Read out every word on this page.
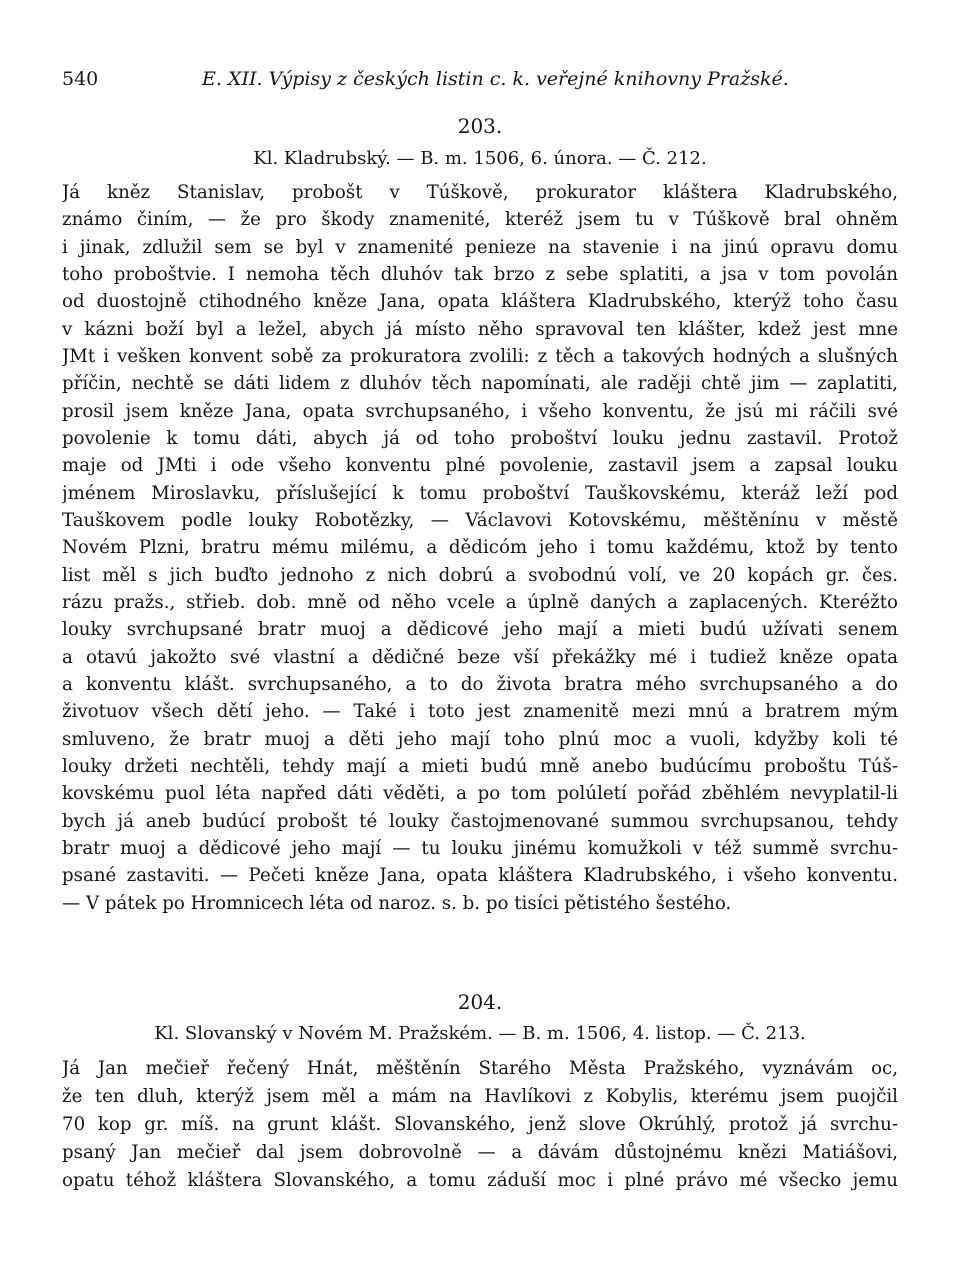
540	E. XII. Výpisy z českých listin c. k. veřejné knihovny Pražské.
203.
Kl. Kladrubský. — B. m. 1506, 6. února. — Č. 212.
Já kněz Stanislav, probošt v Túškově, prokurator kláštera Kladrubského,
známo činím, — že pro škody znamenité, kteréž jsem tu v Túškově bral ohněm
i jinak, zdlužil sem se byl v znamenité penieze na stavenie i na jinú opravu domu
toho proboštvie. I nemoha těch dluhóv tak brzo z sebe splatiti, a jsa v tom povolán
od duostojně ctihodného kněze Jana, opata kláštera Kladrubského, kterýž toho času
v kázni boží byl a ležel, abych já místo něho spravoval ten klášter, kdež jest mne
JMt i vešken konvent sobě za prokuratora zvolili: z těch a takových hodných a slušných
příčin, nechtě se dáti lidem z dluhóv těch napomínati, ale raději chtě jim — zaplatiti,
prosil jsem kněze Jana, opata svrchupsaného, i všeho konventu, že jsú mi ráčili své
povolenie k tomu dáti, abych já od toho proboštví louku jednu zastavil. Protož
maje od JMti i ode všeho konventu plné povolenie, zastavil jsem a zapsal louku
jménem Miroslavku, příslušející k tomu proboštví Tauškovskému, kteráž leží pod
Tauškovem podle louky Robotězky, — Václavovi Kotovskému, měštěnínu v městě
Novém Plzni, bratru mému milému, a dědicóm jeho i tomu každému, ktož by tento
list měl s jich buďto jednoho z nich dobrú a svobodnú volí, ve 20 kopách gr. čes.
rázu pražs., střieb. dob. mně od něho vcele a úplně daných a zaplacených. Kteréžto
louky svrchupsané bratr muoj a dědicové jeho mají a mieti budú užívati senem
a otavú jakožto své vlastní a dědičné beze vší překážky mé i tudiež kněze opata
a konventu klášt. svrchupsaného, a to do života bratra mého svrchupsaného a do
životuov všech dětí jeho. — Také i toto jest znamenitě mezi mnú a bratrem mým
smluveno, že bratr muoj a děti jeho mají toho plnú moc a vuoli, kdyžby koli té
louky držeti nechtěli, tehdy mají a mieti budú mně anebo budúcímu proboštu Túš-
kovskému puol léta napřed dáti věděti, a po tom polúletí pořád zběhlém nevyplatil-li
bych já aneb budúcí probošt té louky častojmenované summou svrchupsanou, tehdy
bratr muoj a dědicové jeho mají — tu louku jinému komužkoli v též summě svrchu-
psané zastaviti. — Pečeti kněze Jana, opata kláštera Kladrubského, i všeho konventu.
— V pátek po Hromnicech léta od naroz. s. b. po tisíci pětistého šestého.
204.
Kl. Slovanský v Novém M. Pražském. — B. m. 1506, 4. listop. — Č. 213.
Já Jan mečieř řečený Hnát, měštěnín Starého Města Pražského, vyznávám oc,
že ten dluh, kterýž jsem měl a mám na Havlíkovi z Kobylis, kterému jsem puojčil
70 kop gr. míš. na grunt klášt. Slovanského, jenž slove Okrúhlý, protož já svrchu-
psaný Jan mečieř dal jsem dobrovolně — a dávám důstojnému knězi Matiášovi,
opatu téhož kláštera Slovanského, a tomu záduší moc i plné právo mé všecko jemu
